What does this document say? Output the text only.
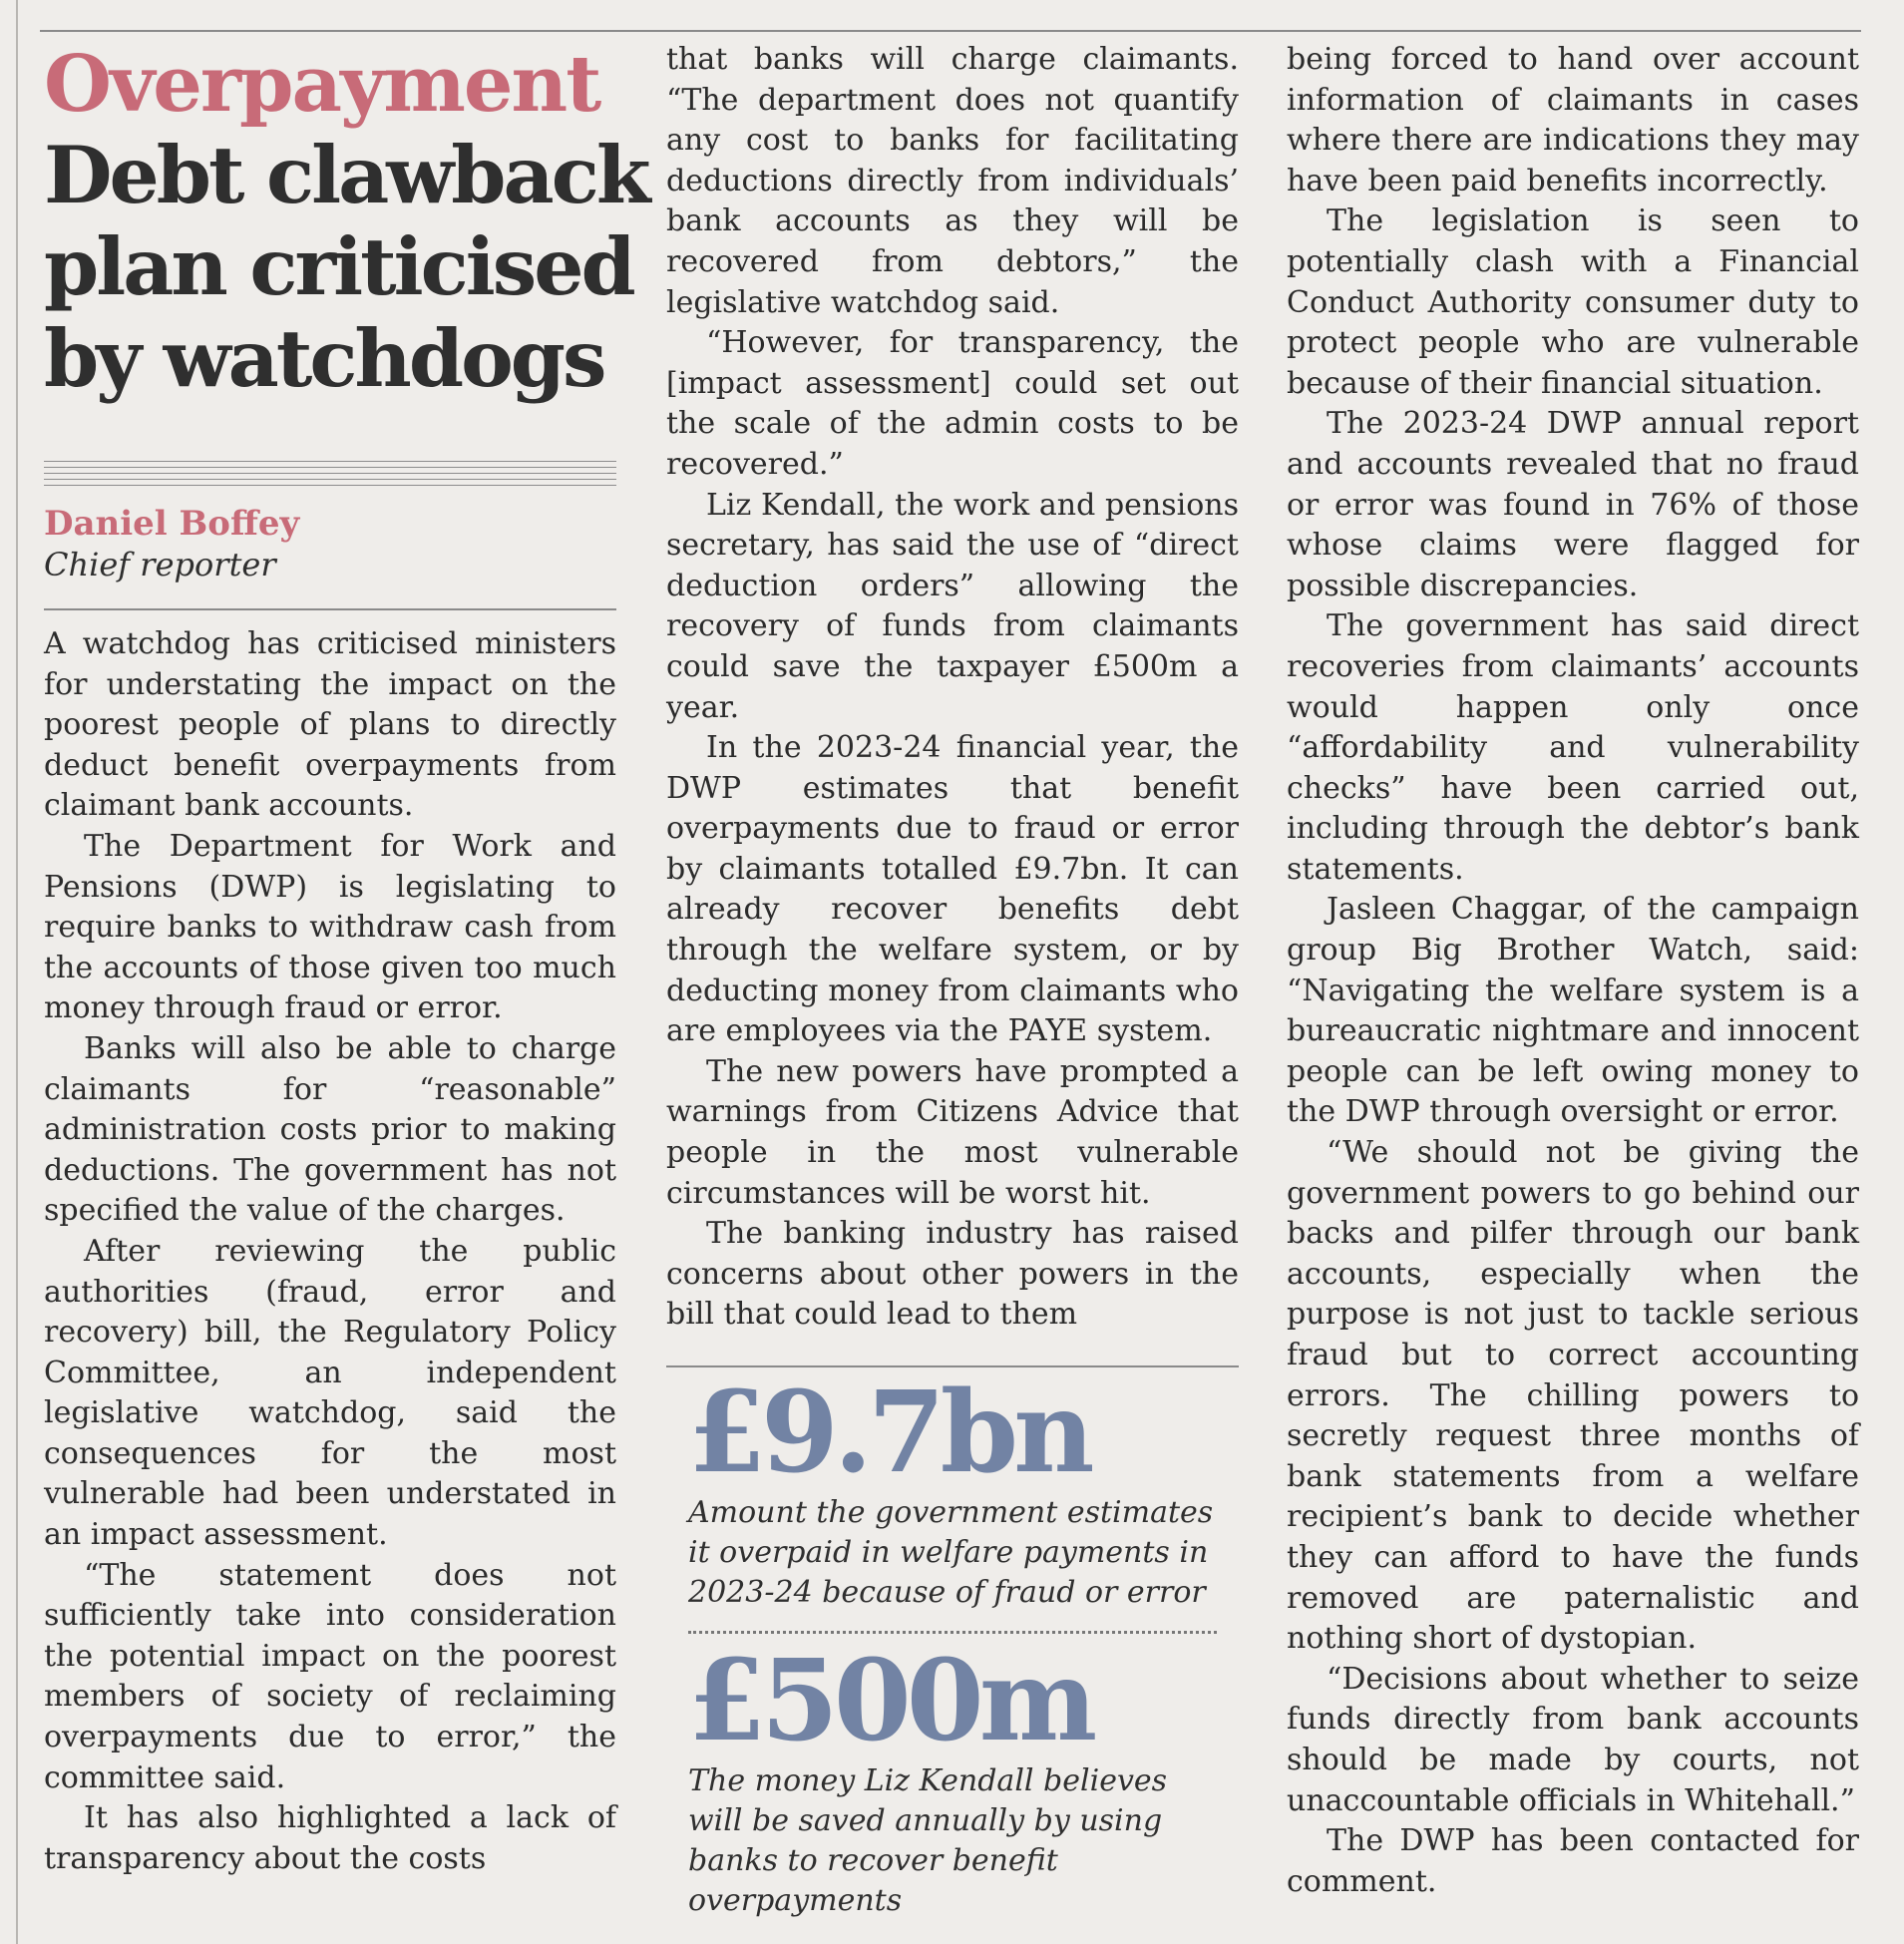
Overpayment
Debt clawback
plan criticised
by watchdogs
Daniel Boffey
Chief reporter

A watchdog has criticised ministers for understating the impact on the poorest people of plans to directly deduct benefit overpayments from claimant bank accounts.

The Department for Work and Pensions (DWP) is legislating to require banks to withdraw cash from the accounts of those given too much money through fraud or error.

Banks will also be able to charge claimants for “reasonable” administration costs prior to making deductions. The government has not specified the value of the charges.

After reviewing the public authorities (fraud, error and recovery) bill, the Regulatory Policy Committee, an independent legislative watchdog, said the consequences for the most vulnerable had been understated in an impact assessment.

“The statement does not sufficiently take into consideration the potential impact on the poorest members of society of reclaiming overpayments due to error,” the committee said.

It has also highlighted a lack of transparency about the costs

that banks will charge claimants. “The department does not quantify any cost to banks for facilitating deductions directly from individuals’ bank accounts as they will be recovered from debtors,” the legislative watchdog said.

“However, for transparency, the [impact assessment] could set out the scale of the admin costs to be recovered.”

Liz Kendall, the work and pensions secretary, has said the use of “direct deduction orders” allowing the recovery of funds from claimants could save the taxpayer £500m a year.

In the 2023-24 financial year, the DWP estimates that benefit overpayments due to fraud or error by claimants totalled £9.7bn. It can already recover benefits debt through the welfare system, or by deducting money from claimants who are employees via the PAYE system.

The new powers have prompted a warnings from Citizens Advice that people in the most vulnerable circumstances will be worst hit.

The banking industry has raised concerns about other powers in the bill that could lead to them

£9.7bn
Amount the government estimates it overpaid in welfare payments in 2023-24 because of fraud or error
£500m
The money Liz Kendall believes will be saved annually by using banks to recover benefit overpayments

being forced to hand over account information of claimants in cases where there are indications they may have been paid benefits incorrectly.

The legislation is seen to potentially clash with a Financial Conduct Authority consumer duty to protect people who are vulnerable because of their financial situation.

The 2023-24 DWP annual report and accounts revealed that no fraud or error was found in 76% of those whose claims were flagged for possible discrepancies.

The government has said direct recoveries from claimants’ accounts would happen only once “affordability and vulnerability checks” have been carried out, including through the debtor’s bank statements.

Jasleen Chaggar, of the campaign group Big Brother Watch, said: “Navigating the welfare system is a bureaucratic nightmare and innocent people can be left owing money to the DWP through oversight or error.

“We should not be giving the government powers to go behind our backs and pilfer through our bank accounts, especially when the purpose is not just to tackle serious fraud but to correct accounting errors. The chilling powers to secretly request three months of bank statements from a welfare recipient’s bank to decide whether they can afford to have the funds removed are paternalistic and nothing short of dystopian.

“Decisions about whether to seize funds directly from bank accounts should be made by courts, not unaccountable officials in Whitehall.”

The DWP has been contacted for comment.
